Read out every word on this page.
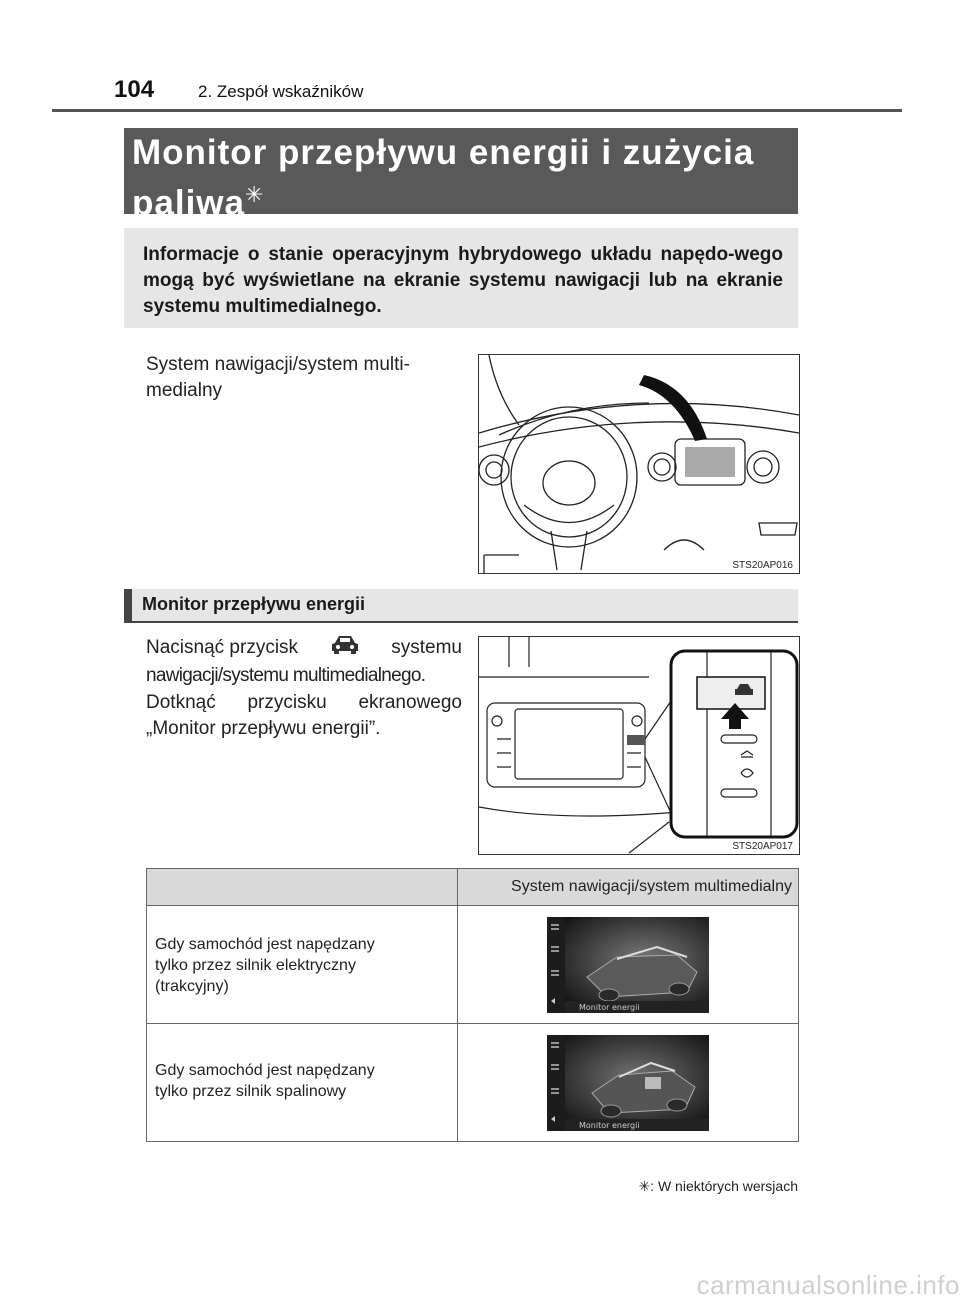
104	2. Zespół wskaźników
Monitor przepływu energii i zużycia
paliwa✳
Informacje o stanie operacyjnym hybrydowego układu napędo-wego mogą być wyświetlane na ekranie systemu nawigacji lub na ekranie systemu multimedialnego.
System nawigacji/system multi-
medialny
STS20AP016
Monitor przepływu energii
Nacisnąć przycisk	systemu
nawigacji/systemu multimedialnego.
Dotknąć przycisku ekranowego
„Monitor przepływu energii”.
STS20AP017
	System nawigacji/system multimedialny

Gdy samochód jest napędzany
tylko przez silnik elektryczny
(trakcyjny)	Monitor energii

Gdy samochód jest napędzany
tylko przez silnik spalinowy	Monitor energii
✳: W niektórych wersjach
carmanualsonline.info
